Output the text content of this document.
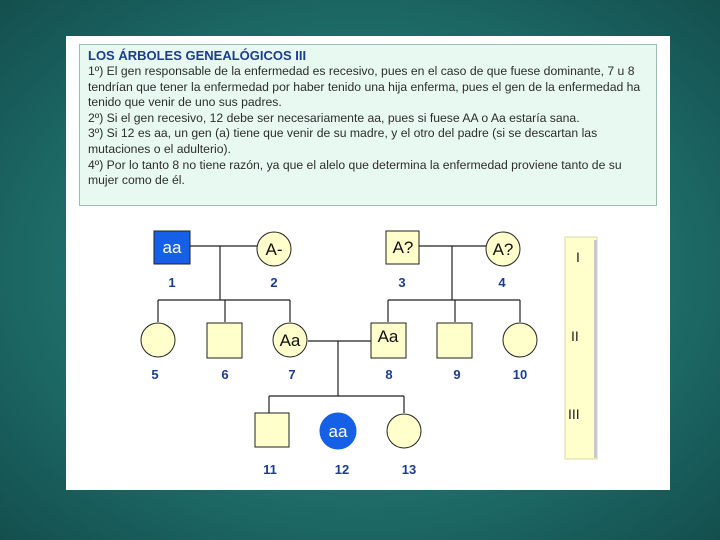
LOS ÁRBOLES GENEALÓGICOS III

1º) El gen responsable de la enfermedad es recesivo, pues en el caso de que fuese dominante, 7 u 8 tendrían que tener la enfermedad por haber tenido una hija enferma, pues el gen de la enfermedad ha tenido que venir de uno sus padres.

2º) Si el gen recesivo, 12 debe ser necesariamente aa, pues si fuese AA o Aa estaría sana.

3º) Si 12 es aa, un gen (a) tiene que venir de su madre, y el otro del padre (si se descartan las mutaciones o el adulterio).

4º) Por lo tanto 8 no tiene razón, ya que el alelo que determina la enfermedad proviene tanto de su mujer como de él.

I
II
III
aa
1
A-
2
A?
3
A?
4
5	6
Aa
7
Aa
8	9	10
11
aa
12	13
